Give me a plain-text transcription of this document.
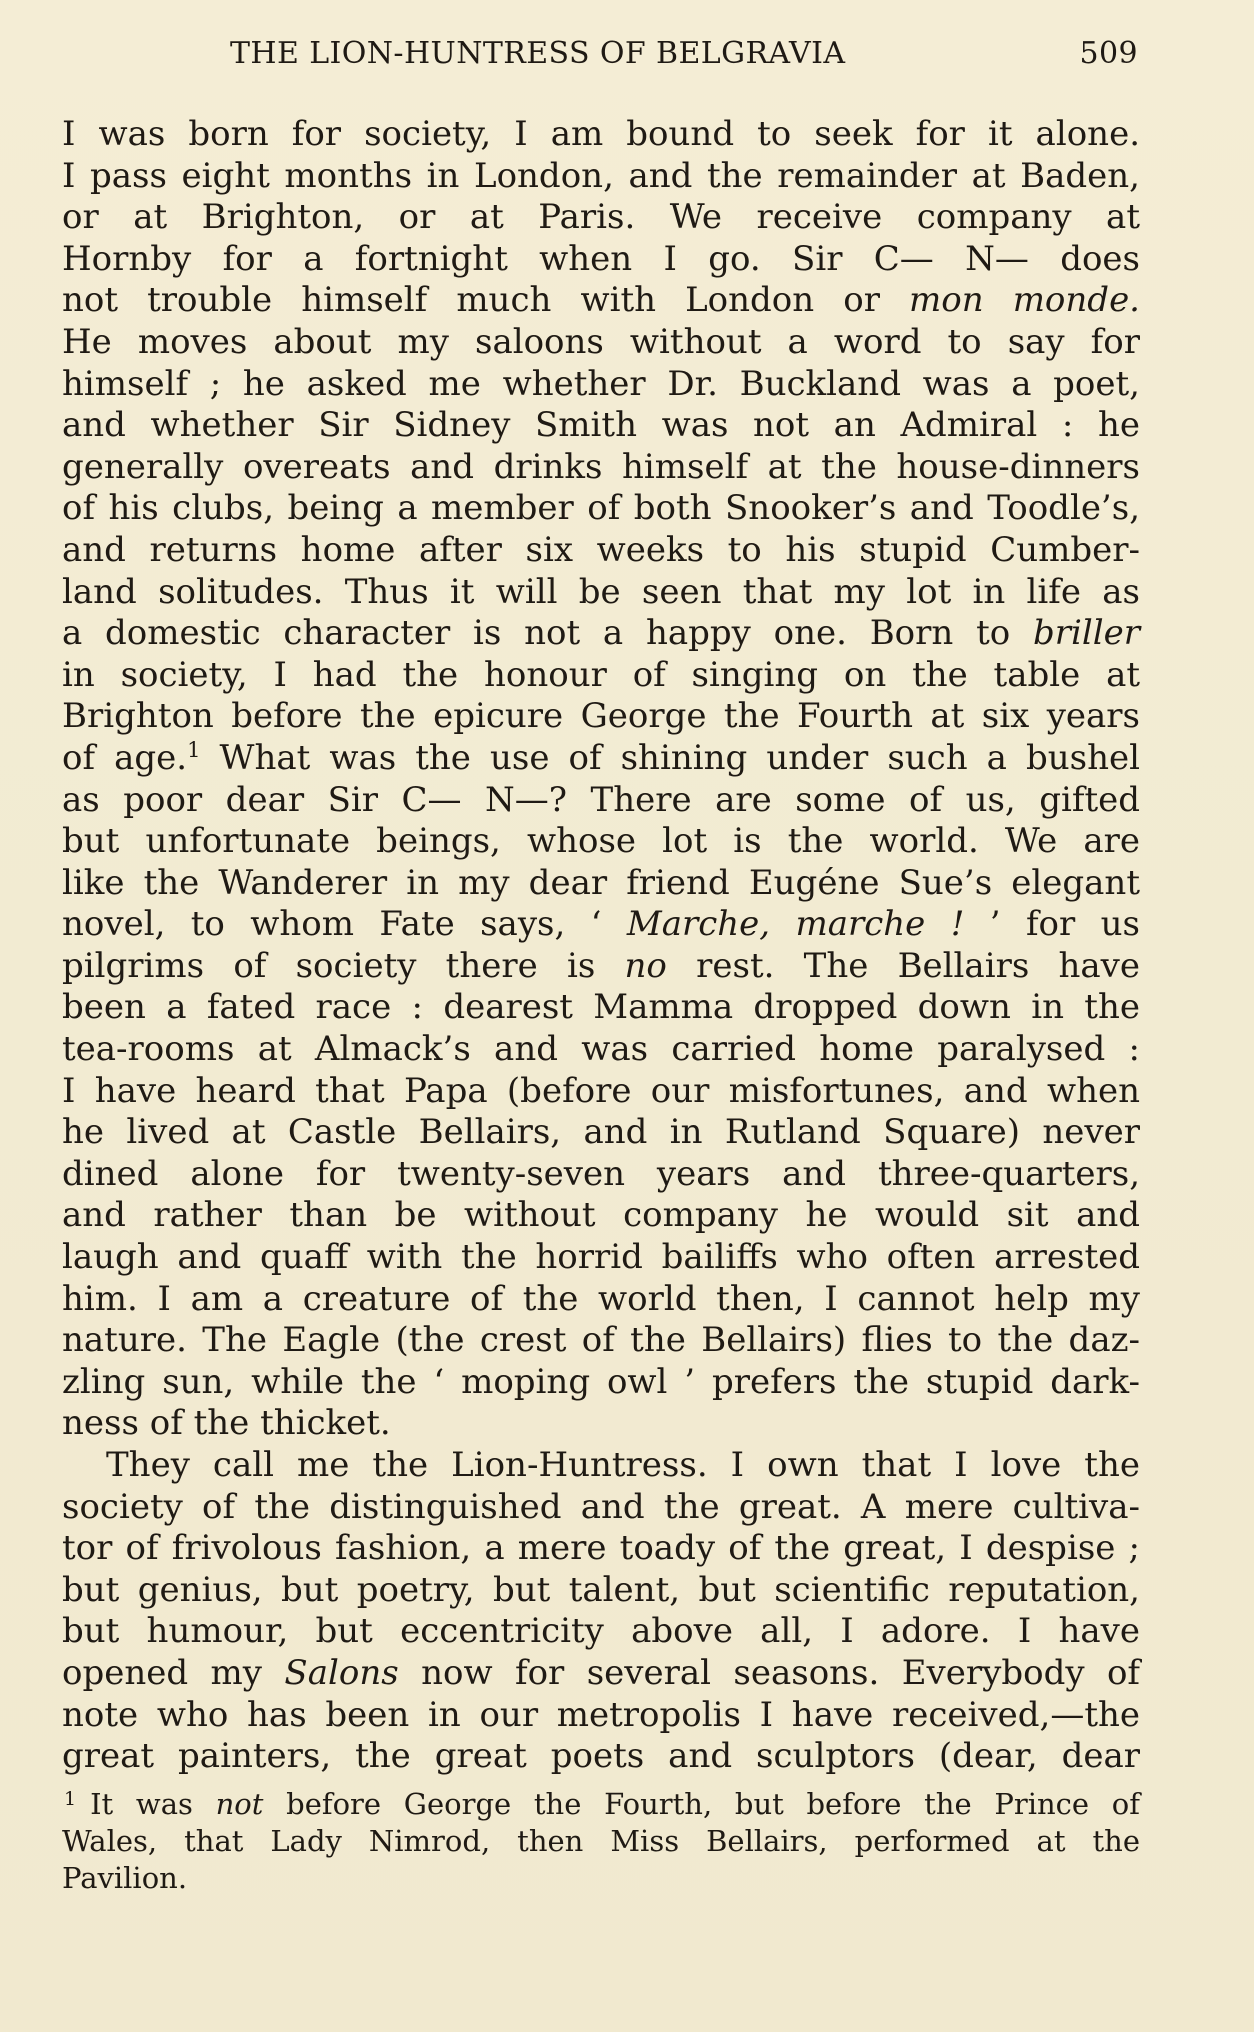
THE LION-HUNTRESS OF BELGRAVIA	509
I was born for society, I am bound to seek for it alone.
I pass eight months in London, and the remainder at Baden,
or at Brighton, or at Paris. We receive company at
Hornby for a fortnight when I go. Sir C— N— does
not trouble himself much with London or mon monde.
He moves about my saloons without a word to say for
himself ; he asked me whether Dr. Buckland was a poet,
and whether Sir Sidney Smith was not an Admiral : he
generally overeats and drinks himself at the house-dinners
of his clubs, being a member of both Snooker’s and Toodle’s,
and returns home after six weeks to his stupid Cumber-
land solitudes. Thus it will be seen that my lot in life as
a domestic character is not a happy one. Born to briller
in society, I had the honour of singing on the table at
Brighton before the epicure George the Fourth at six years
of age.$^1$ What was the use of shining under such a bushel
as poor dear Sir C— N—? There are some of us, gifted
but unfortunate beings, whose lot is the world. We are
like the Wanderer in my dear friend Eugéne Sue’s elegant
novel, to whom Fate says, ‘ Marche, marche ! ’ for us
pilgrims of society there is no rest. The Bellairs have
been a fated race : dearest Mamma dropped down in the
tea-rooms at Almack’s and was carried home paralysed :
I have heard that Papa (before our misfortunes, and when
he lived at Castle Bellairs, and in Rutland Square) never
dined alone for twenty-seven years and three-quarters,
and rather than be without company he would sit and
laugh and quaff with the horrid bailiffs who often arrested
him. I am a creature of the world then, I cannot help my
nature. The Eagle (the crest of the Bellairs) flies to the daz-
zling sun, while the ‘ moping owl ’ prefers the stupid dark-
ness of the thicket.
They call me the Lion-Huntress. I own that I love the
society of the distinguished and the great. A mere cultiva-
tor of frivolous fashion, a mere toady of the great, I despise ;
but genius, but poetry, but talent, but scientific reputation,
but humour, but eccentricity above all, I adore. I have
opened my Salons now for several seasons. Everybody of
note who has been in our metropolis I have received,—the
great painters, the great poets and sculptors (dear, dear
$^1$ It was not before George the Fourth, but before the Prince of
Wales, that Lady Nimrod, then Miss Bellairs, performed at the
Pavilion.
